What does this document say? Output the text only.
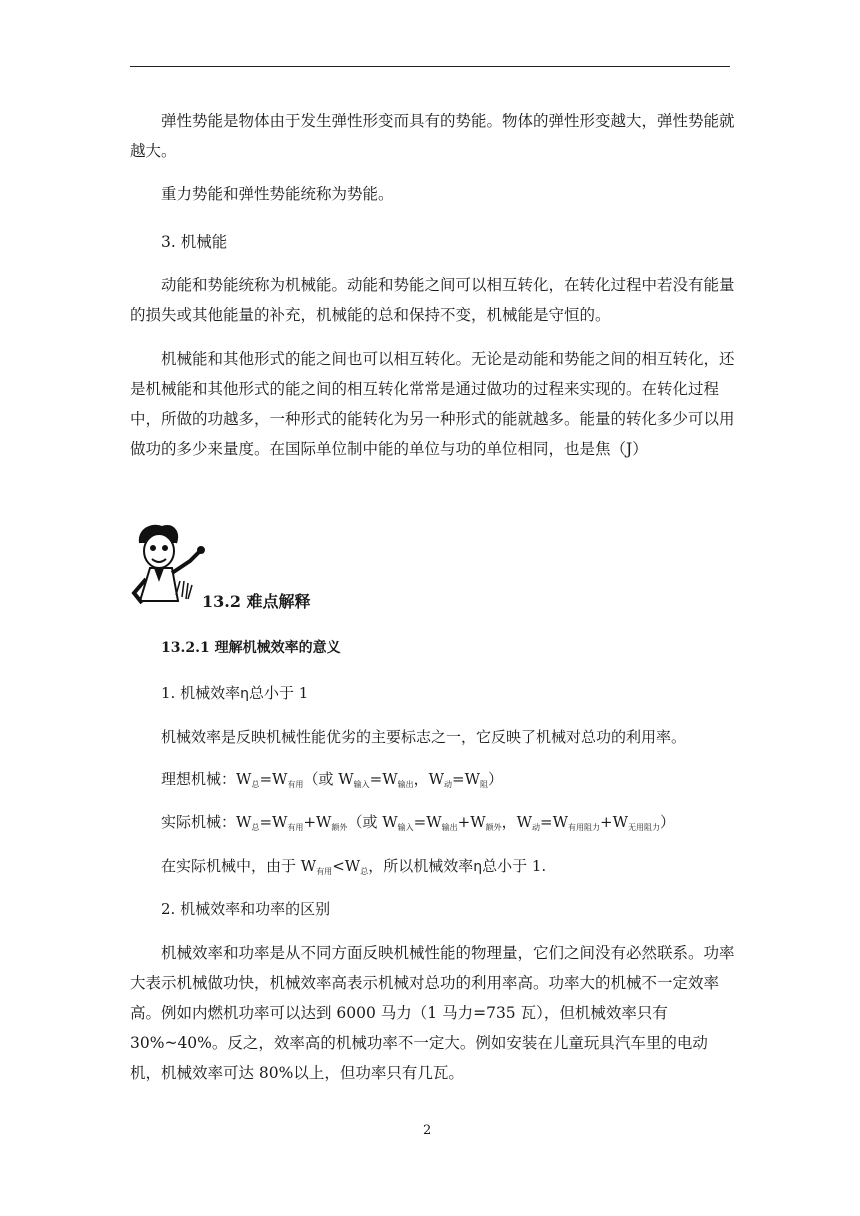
弹性势能是物体由于发生弹性形变而具有的势能。物体的弹性形变越大，弹性势能就越大。

重力势能和弹性势能统称为势能。

3. 机械能

动能和势能统称为机械能。动能和势能之间可以相互转化，在转化过程中若没有能量的损失或其他能量的补充，机械能的总和保持不变，机械能是守恒的。

机械能和其他形式的能之间也可以相互转化。无论是动能和势能之间的相互转化，还是机械能和其他形式的能之间的相互转化常常是通过做功的过程来实现的。在转化过程中，所做的功越多，一种形式的能转化为另一种形式的能就越多。能量的转化多少可以用做功的多少来量度。在国际单位制中能的单位与功的单位相同，也是焦（J）

13.2 难点解释
13.2.1 理解机械效率的意义
1. 机械效率η总小于 1
机械效率是反映机械性能优劣的主要标志之一，它反映了机械对总功的利用率。
理想机械：$W_总=W_{有用}$（或 $W_{输入}=W_{输出}$，$W_动=W_阻$）
实际机械：$W_总=W_{有用}+W_{额外}$（或 $W_{输入}=W_{输出}+W_{额外}$，$W_动=W_{有用阻力}+W_{无用阻力}$）
在实际机械中，由于 $W_{有用}<W_总$，所以机械效率η总小于 1.
2. 机械效率和功率的区别

机械效率和功率是从不同方面反映机械性能的物理量，它们之间没有必然联系。功率大表示机械做功快，机械效率高表示机械对总功的利用率高。功率大的机械不一定效率高。例如内燃机功率可以达到 6000 马力（1 马力=735 瓦），但机械效率只有 30%~40%。反之，效率高的机械功率不一定大。例如安装在儿童玩具汽车里的电动机，机械效率可达 80%以上，但功率只有几瓦。

2
